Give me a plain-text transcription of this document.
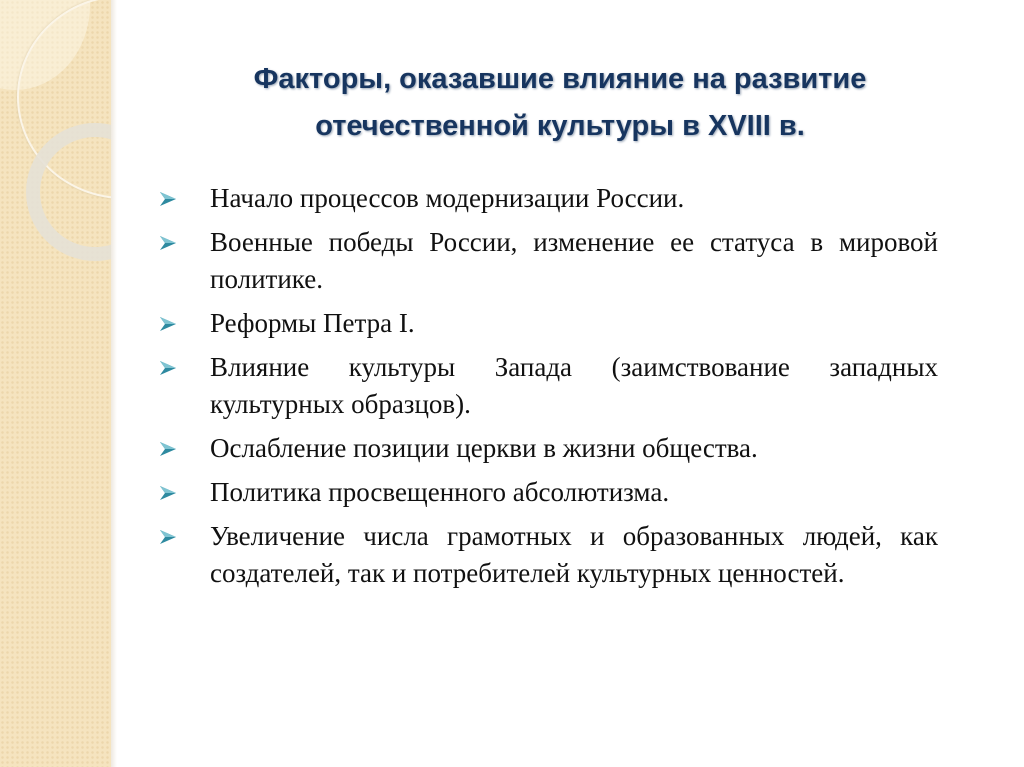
Факторы, оказавшие влияние на развитие
отечественной культуры в XVIII в.
Начало процессов модернизации России.
Военные победы России, изменение ее статуса в мировой политике.
Реформы Петра I.
Влияние культуры Запада (заимствование западных культурных образцов).
Ослабление позиции церкви в жизни общества.
Политика просвещенного абсолютизма.
Увеличение числа грамотных и образованных людей, как создателей, так и потребителей культурных ценностей.
